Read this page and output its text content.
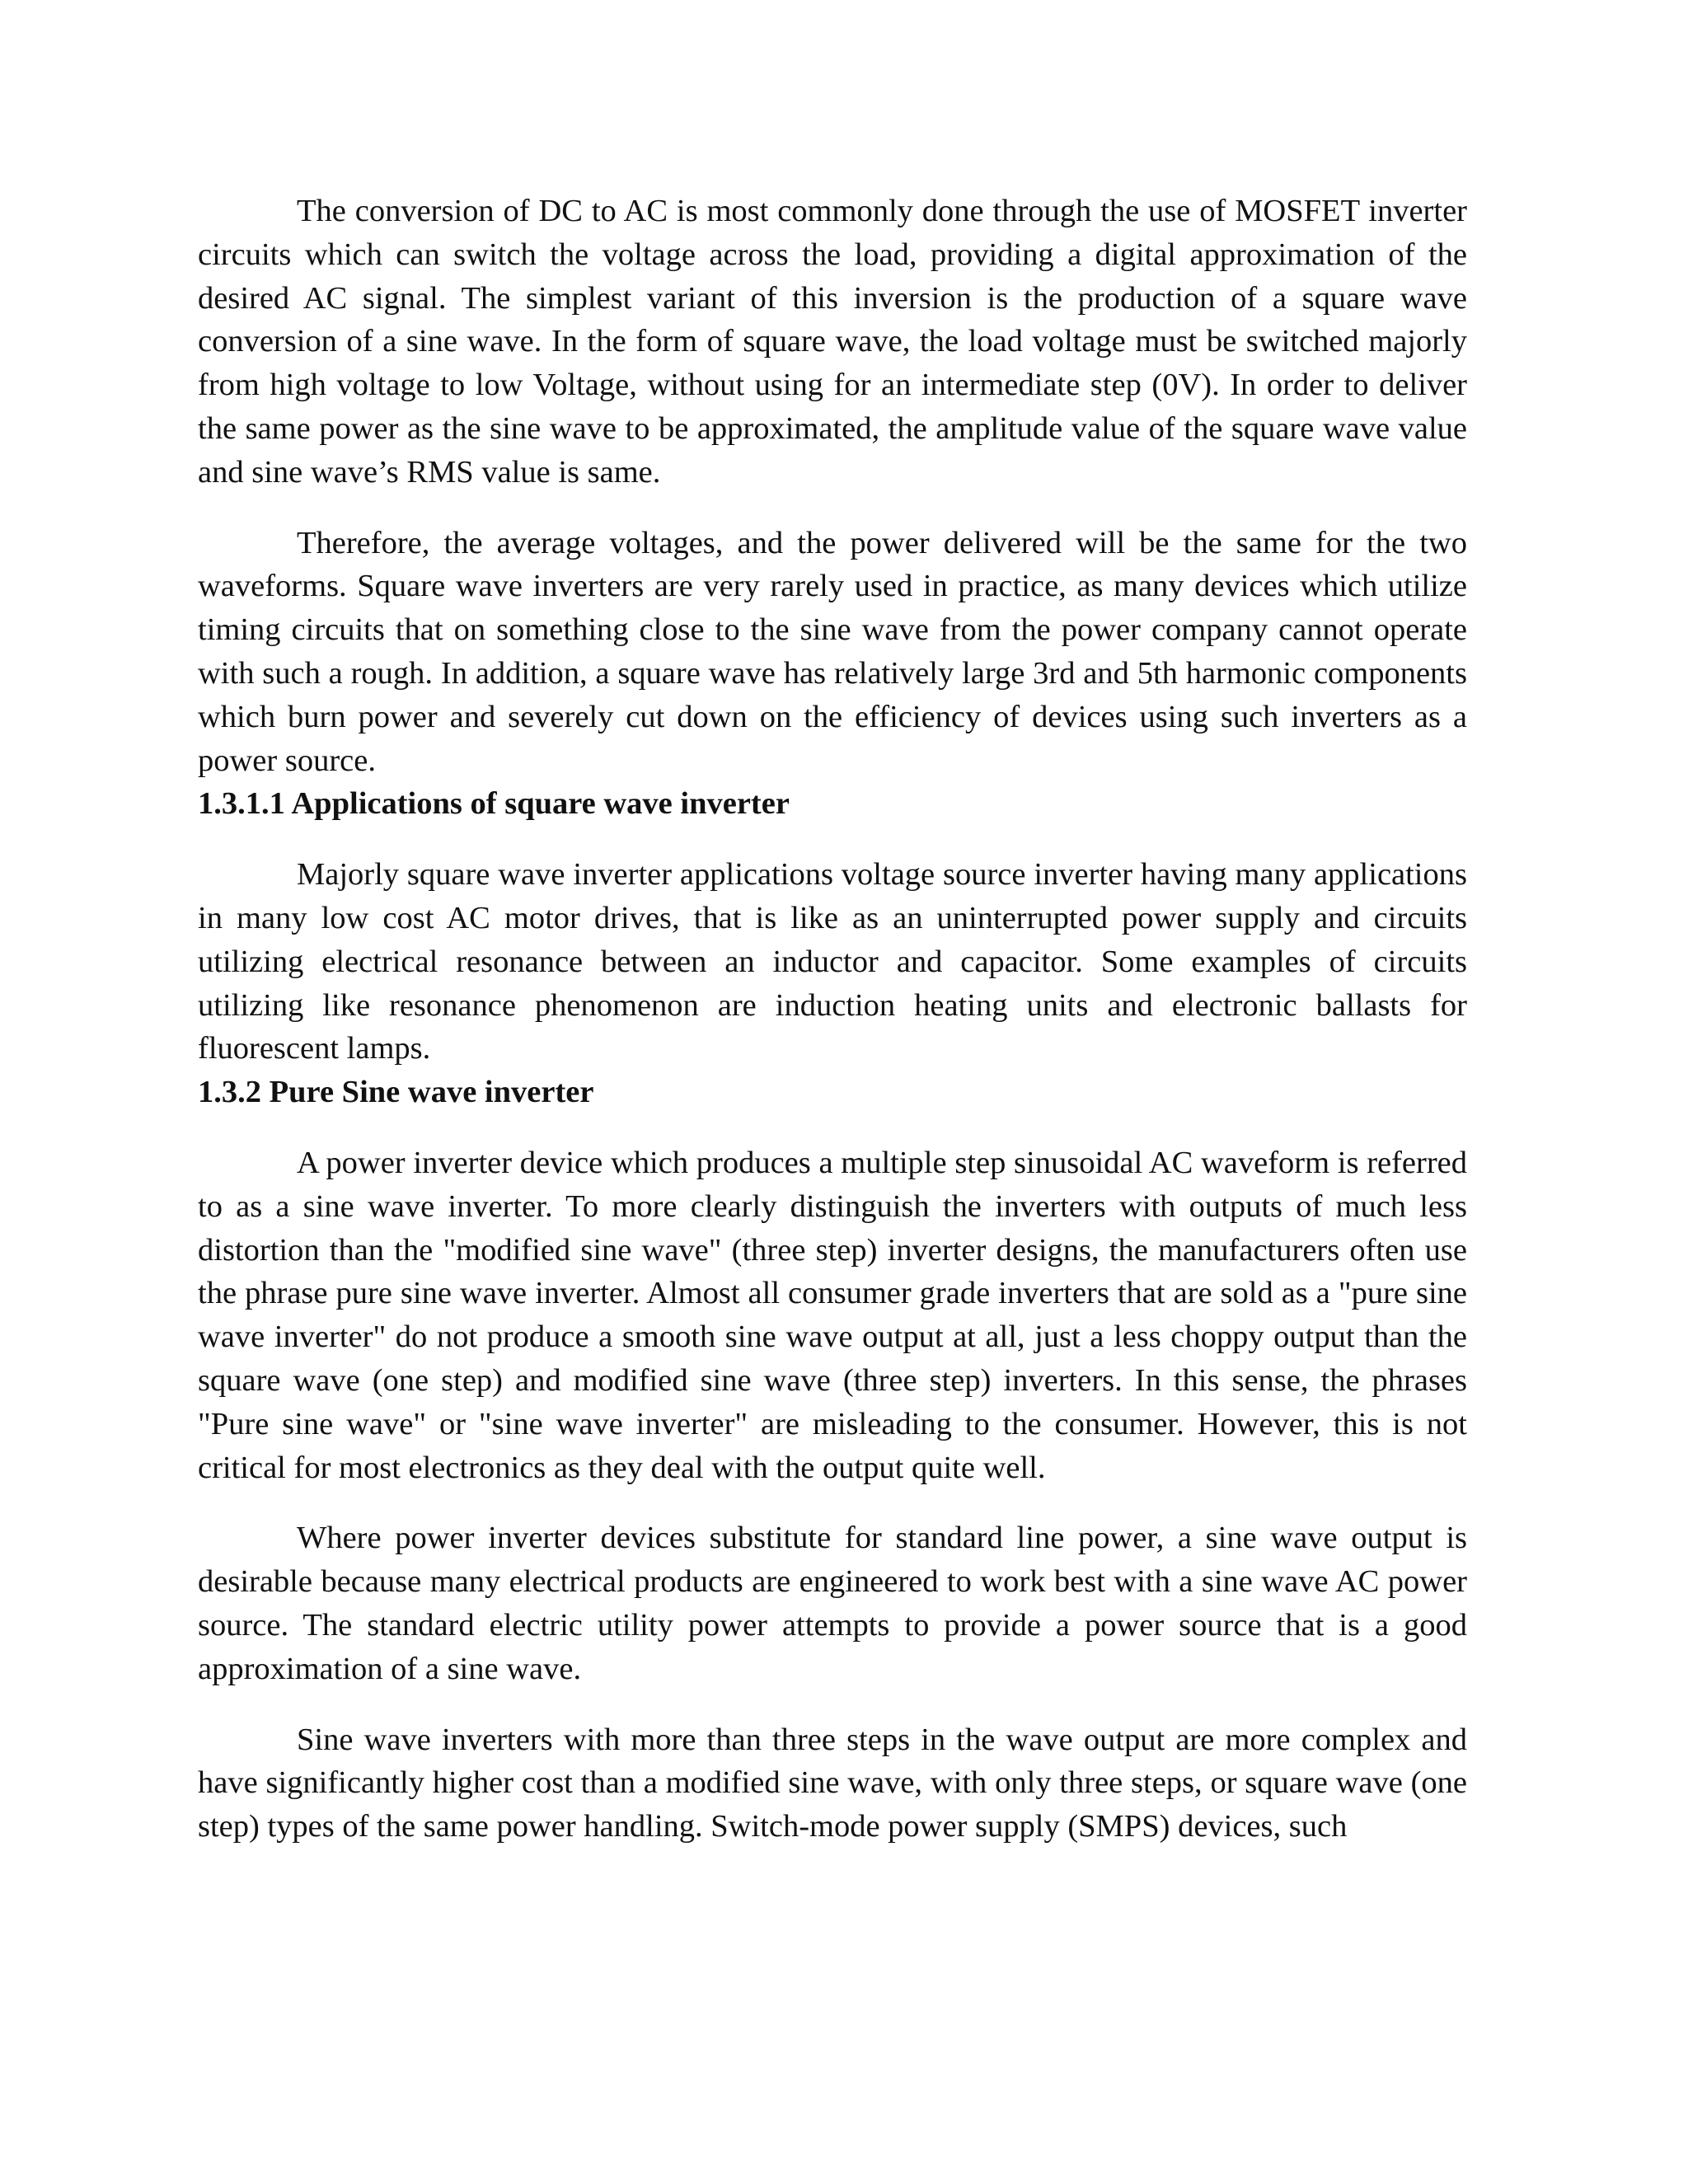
The conversion of DC to AC is most commonly done through the use of MOSFET inverter circuits which can switch the voltage across the load, providing a digital approximation of the desired AC signal. The simplest variant of this inversion is the production of a square wave conversion of a sine wave. In the form of square wave, the load voltage must be switched majorly from high voltage to low Voltage, without using for an intermediate step (0V). In order to deliver the same power as the sine wave to be approximated, the amplitude value of the square wave value and sine wave’s RMS value is same.

Therefore, the average voltages, and the power delivered will be the same for the two waveforms. Square wave inverters are very rarely used in practice, as many devices which utilize timing circuits that on something close to the sine wave from the power company cannot operate with such a rough. In addition, a square wave has relatively large 3rd and 5th harmonic components which burn power and severely cut down on the efficiency of devices using such inverters as a power source.

1.3.1.1 Applications of square wave inverter

Majorly square wave inverter applications voltage source inverter having many applications in many low cost AC motor drives, that is like as an uninterrupted power supply and circuits utilizing electrical resonance between an inductor and capacitor. Some examples of circuits utilizing like resonance phenomenon are induction heating units and electronic ballasts for fluorescent lamps.

1.3.2 Pure Sine wave inverter

A power inverter device which produces a multiple step sinusoidal AC waveform is referred to as a sine wave inverter. To more clearly distinguish the inverters with outputs of much less distortion than the "modified sine wave" (three step) inverter designs, the manufacturers often use the phrase pure sine wave inverter. Almost all consumer grade inverters that are sold as a "pure sine wave inverter" do not produce a smooth sine wave output at all, just a less choppy output than the square wave (one step) and modified sine wave (three step) inverters. In this sense, the phrases "Pure sine wave" or "sine wave inverter" are misleading to the consumer. However, this is not critical for most electronics as they deal with the output quite well.

Where power inverter devices substitute for standard line power, a sine wave output is desirable because many electrical products are engineered to work best with a sine wave AC power source. The standard electric utility power attempts to provide a power source that is a good approximation of a sine wave.

Sine wave inverters with more than three steps in the wave output are more complex and have significantly higher cost than a modified sine wave, with only three steps, or square wave (one step) types of the same power handling. Switch-mode power supply (SMPS) devices, such
